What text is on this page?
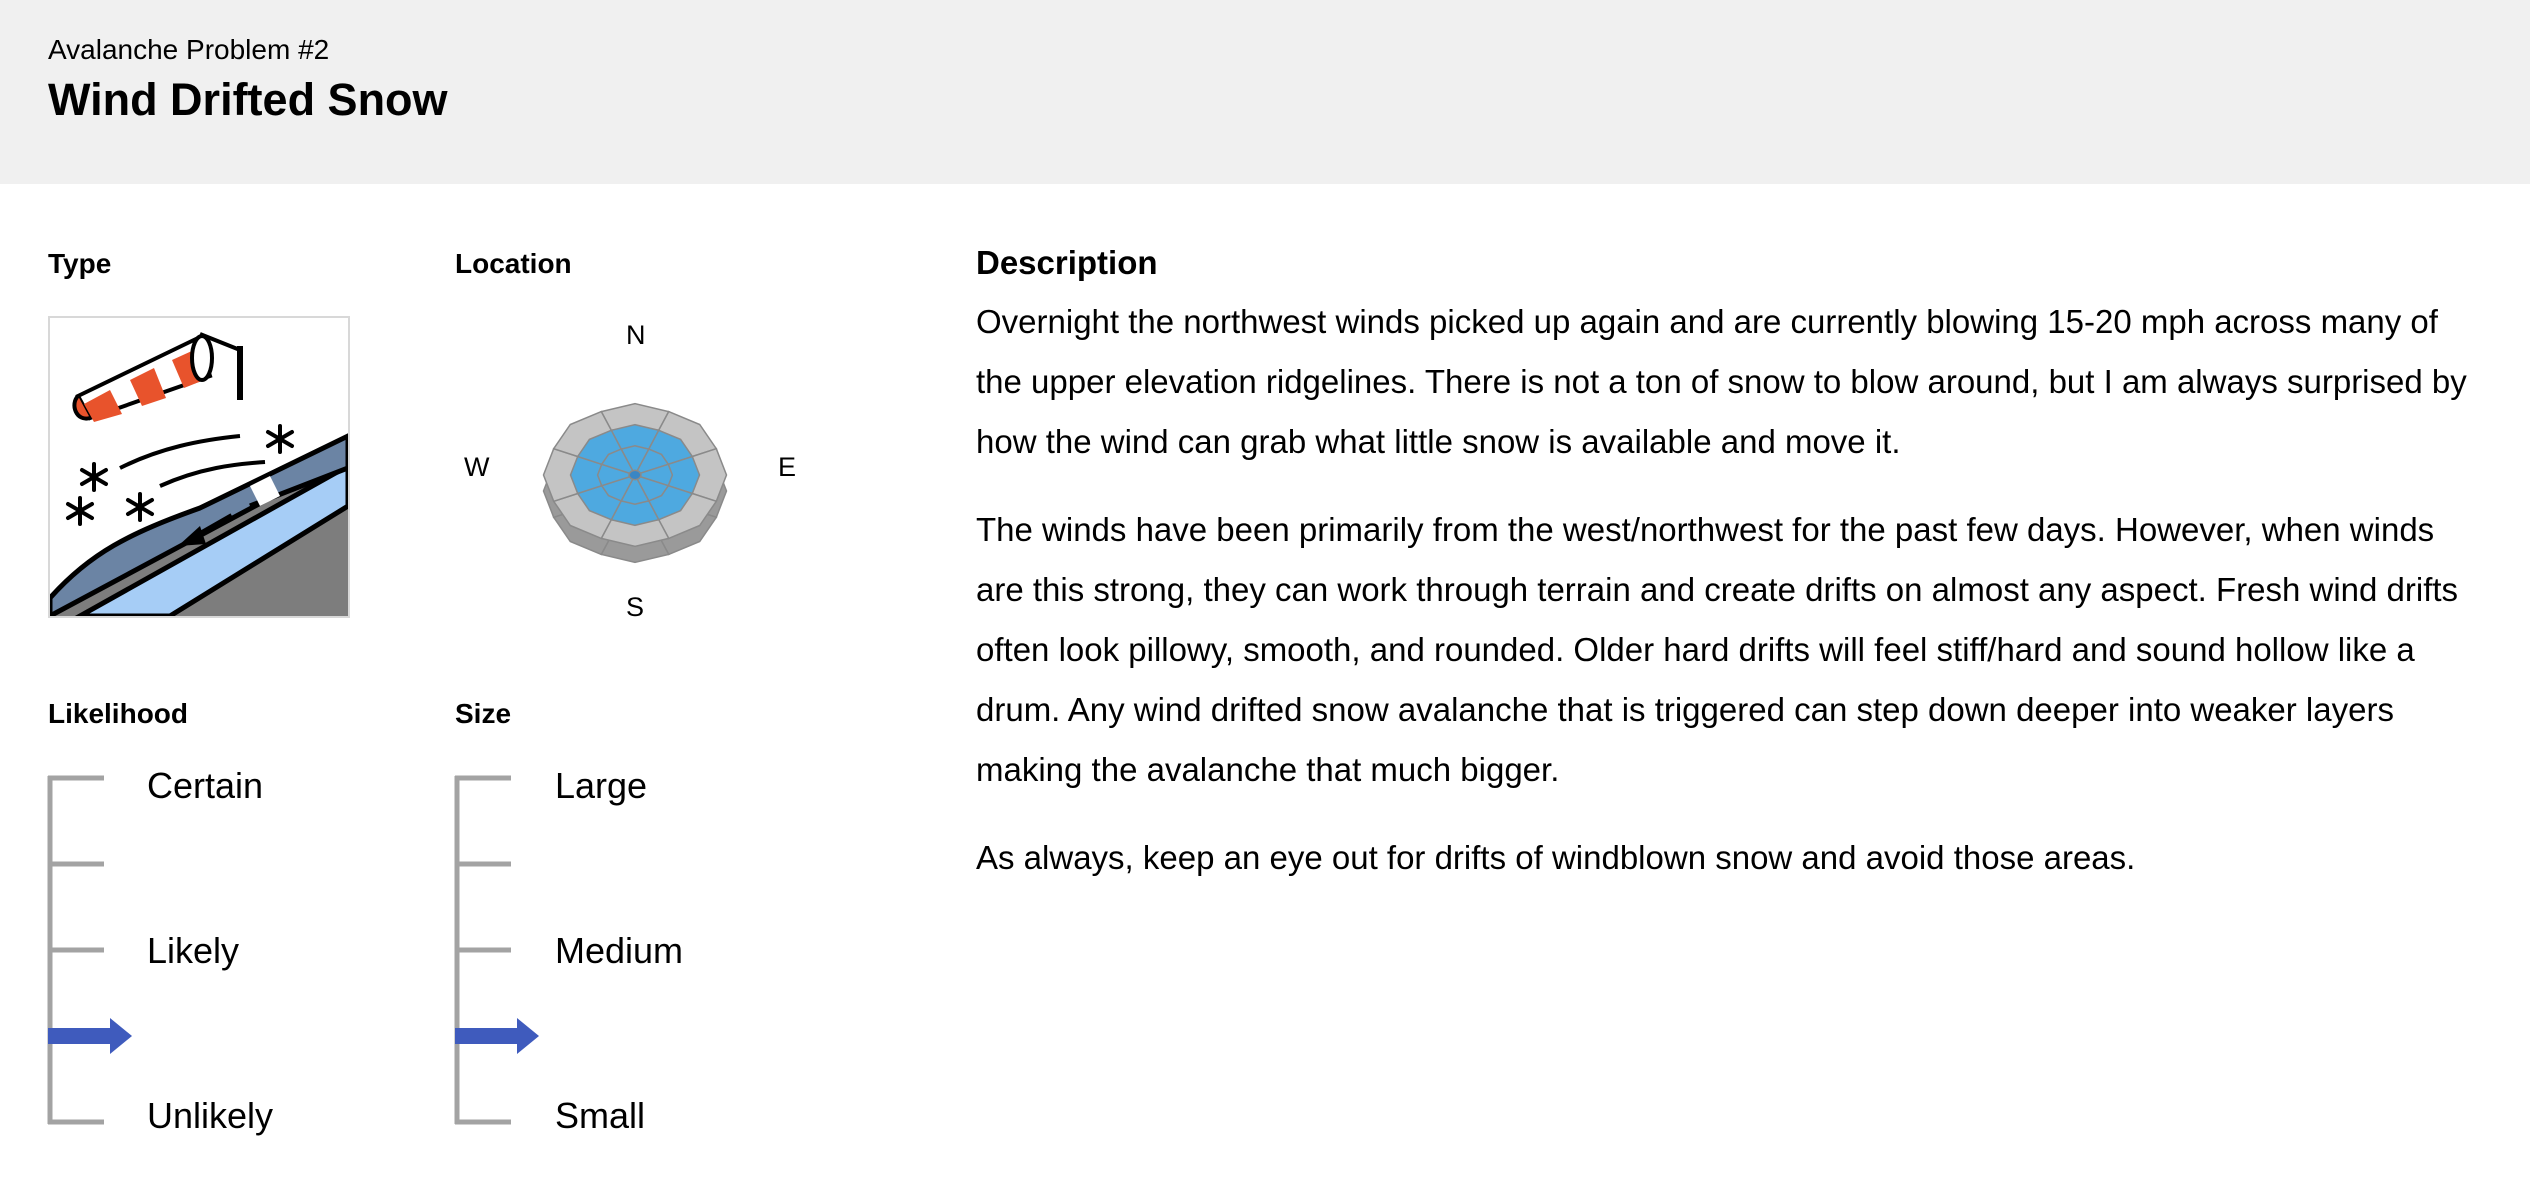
Avalanche Problem #2
Wind Drifted Snow
Type	Location
N
E
S
W
Likelihood
Certain
Likely
Unlikely
Size
Large
Medium
Small
Description

Overnight the northwest winds picked up again and are currently blowing 15-20 mph across many of the upper elevation ridgelines. There is not a ton of snow to blow around, but I am always surprised by how the wind can grab what little snow is available and move it.

The winds have been primarily from the west/northwest for the past few days. However, when winds are this strong, they can work through terrain and create drifts on almost any aspect. Fresh wind drifts often look pillowy, smooth, and rounded. Older hard drifts will feel stiff/hard and sound hollow like a drum. Any wind drifted snow avalanche that is triggered can step down deeper into weaker layers making the avalanche that much bigger.

As always, keep an eye out for drifts of windblown snow and avoid those areas.
